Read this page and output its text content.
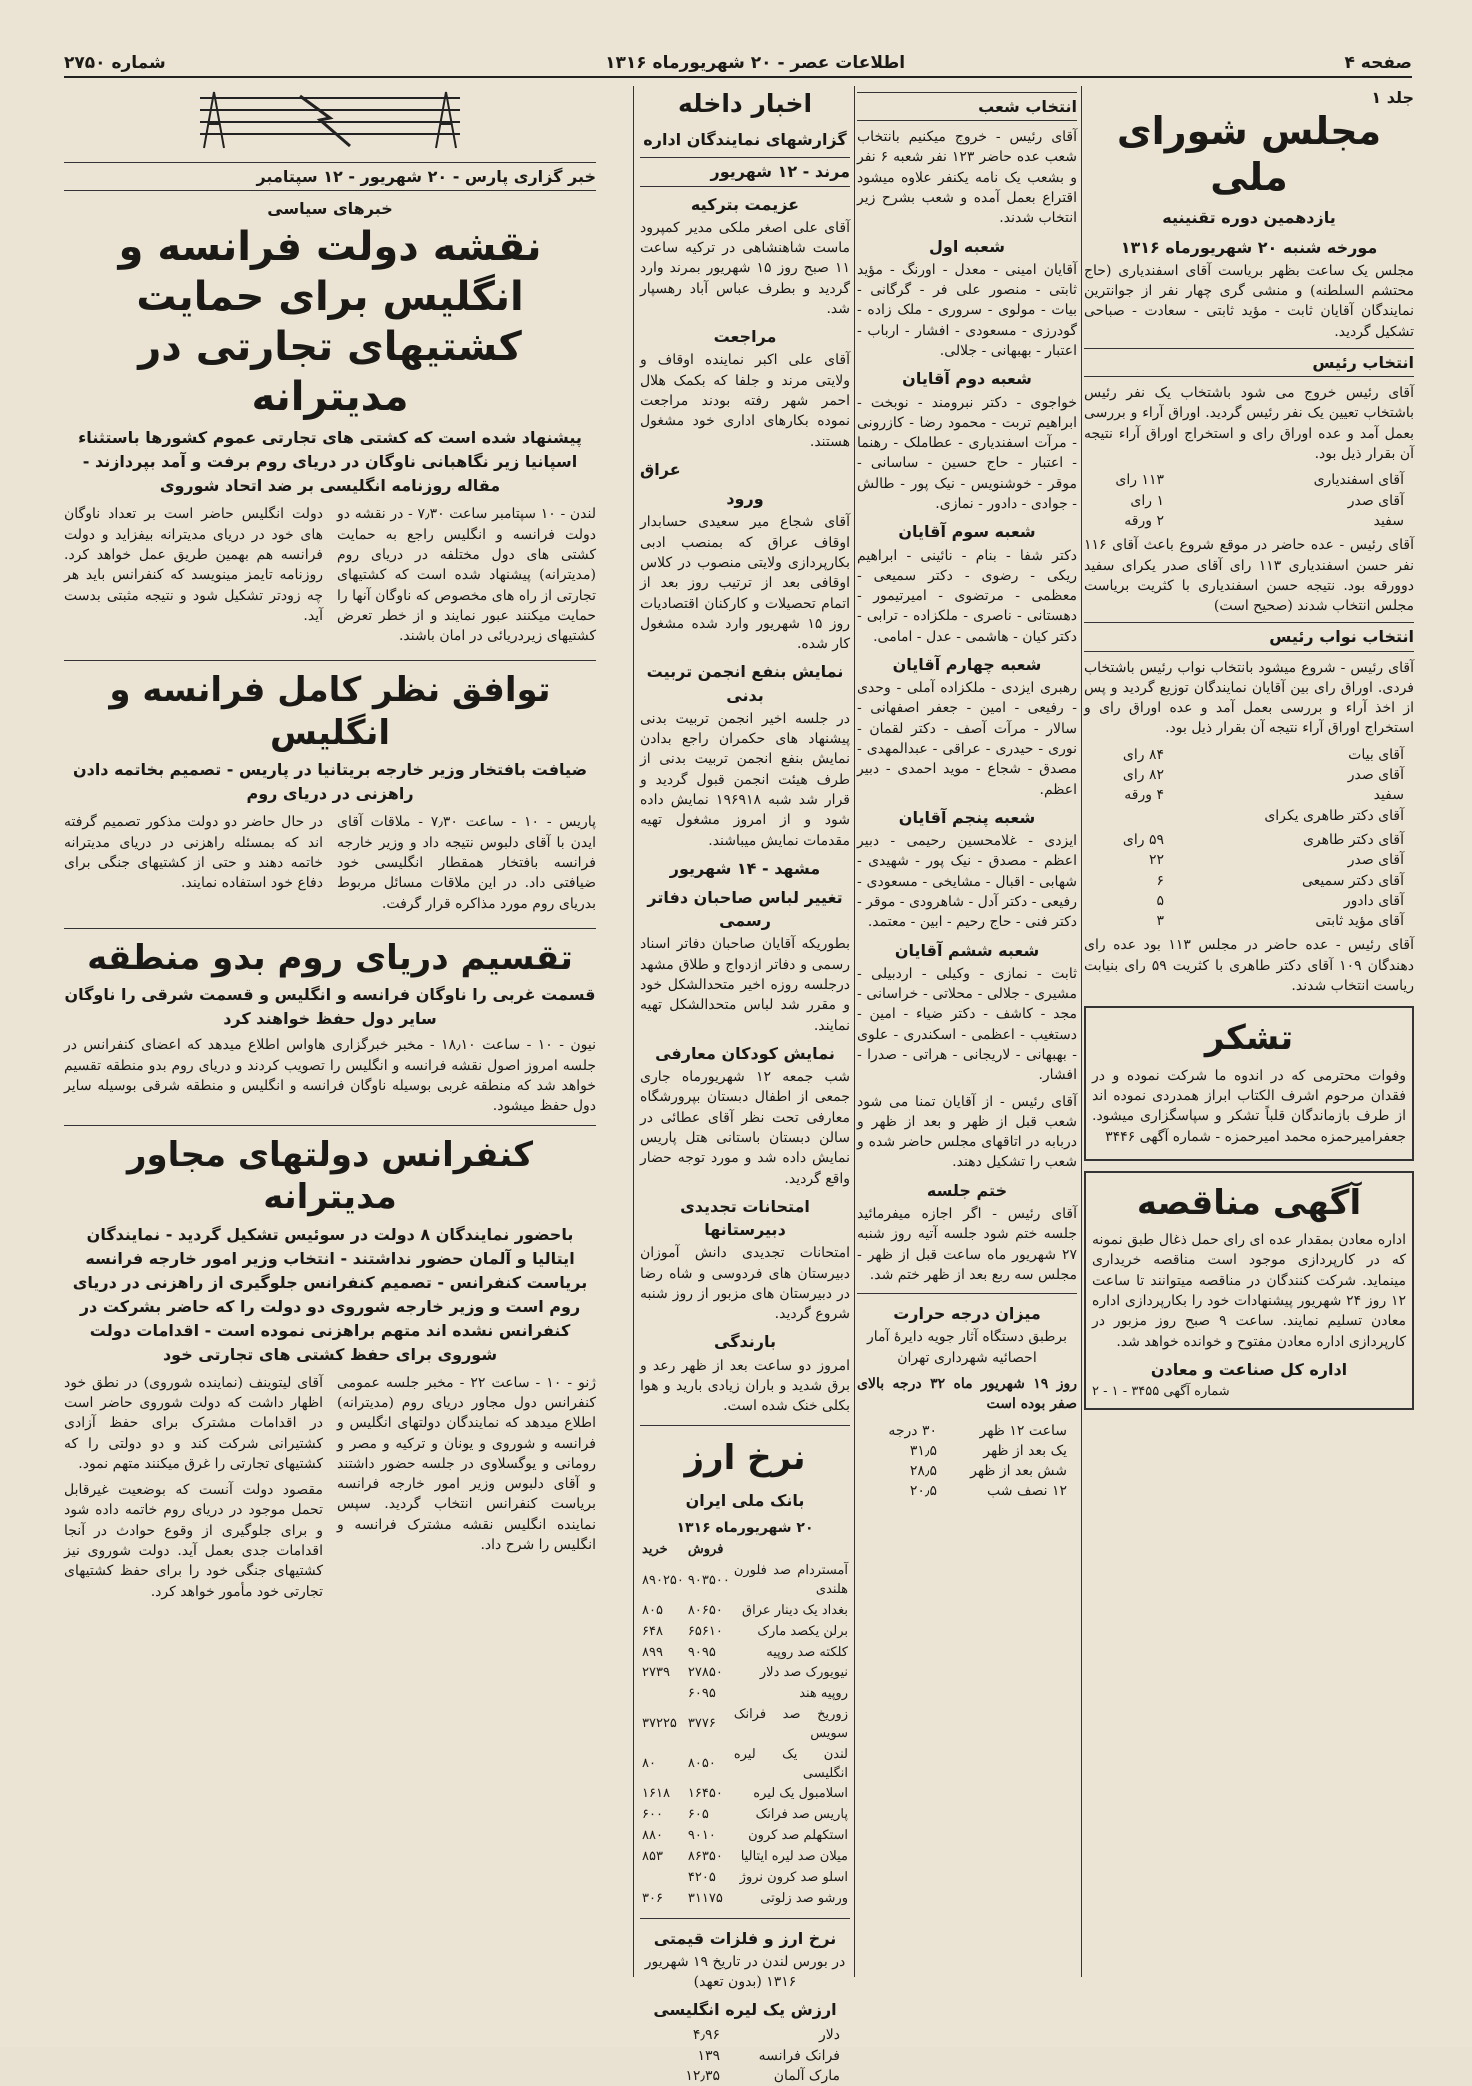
صفحه ۴
اطلاعات عصر - ۲۰ شهریورماه ۱۳۱۶
شماره ۲۷۵۰
جلد ۱
مجلس شورای ملی
یازدهمین دوره تقنینیه
مورخه شنبه ۲۰ شهریورماه ۱۳۱۶
مجلس یک ساعت بظهر برياست آقای اسفندیاری (حاج محتشم السلطنه) و منشی گری چهار نفر از جوانترین نمایندگان آقایان ثابت - مؤید ثابتی - سعادت - صباحی تشکیل گردید.
انتخاب رئیس
آقای رئیس خروج می شود باشتخاب یک نفر رئیس باشتخاب تعیین یک نفر رئیس گردید. اوراق آراء و بررسی بعمل آمد و عده اوراق رای و استخراج اوراق آراء نتیجه آن بقرار ذیل بود.
آقای اسفندیاری
۱۱۳ رای
آقای صدر
۱ رای
سفید
۲ ورقه
آقای رئیس - عده حاضر در موقع شروع باعث آقای ۱۱۶ نفر حسن اسفندیاری ۱۱۳ رای آقای صدر یکرای سفید دوورقه بود. نتیجه حسن اسفندیاری با کثریت برياست مجلس انتخاب شدند (صحیح است)
انتخاب نواب رئیس
آقای رئیس - شروع میشود بانتخاب نواب رئیس باشتخاب فردی. اوراق رای بین آقایان نمایندگان توزیع گردید و پس از اخذ آراء و بررسی بعمل آمد و عده اوراق رای و استخراج اوراق آراء نتیجه آن بقرار ذیل بود.
آقای بیات
۸۴ رای
آقای صدر
۸۲ رای
سفید
۴ ورقه
آقای دکتر طاهری یکرای
آقای دکتر طاهری
۵۹ رای
آقای صدر
۲۲
آقای دکتر سمیعی
۶
آقای دادور
۵
آقای مؤید ثابتی
۳
آقای رئیس - عده حاضر در مجلس ۱۱۳ بود عده رای دهندگان ۱۰۹ آقای دکتر طاهری با کثریت ۵۹ رای بنیابت ریاست انتخاب شدند.
تشکر
وفوات محترمی که در اندوه ما شرکت نموده و در فقدان مرحوم اشرف الکتاب ابراز همدردی نموده اند از طرف بازماندگان قلباً تشکر و سپاسگزاری میشود. جعفرامیرحمزه محمد امیرحمزه - شماره آگهی ۳۴۴۶
آگهی مناقصه
اداره معادن بمقدار عده ای رای حمل ذغال طبق نمونه که در کارپردازی موجود است مناقصه خریداری مینماید. شرکت کنندگان در مناقصه میتوانند تا ساعت ۱۲ روز ۲۴ شهریور پیشنهادات خود را بکارپردازی اداره معادن تسلیم نمایند. ساعت ۹ صبح روز مزبور در کارپردازی اداره معادن مفتوح و خوانده خواهد شد.
اداره کل صناعت و معادن
شماره آگهی ۳۴۵۵ - ۱ - ۲
انتخاب شعب
آقای رئیس - خروج میکنیم بانتخاب شعب عده حاضر ۱۲۳ نفر شعبه ۶ نفر و بشعب یک نامه یکنفر علاوه میشود اقتراع بعمل آمده و شعب بشرح زیر انتخاب شدند.
شعبه اول
آقایان امینی - معدل - اورنگ - مؤید ثابتی - منصور علی فر - گرگانی - بیات - مولوی - سروری - ملک زاده - گودرزی - مسعودی - افشار - ارباب - اعتبار - بهبهانی - جلالی.
شعبه دوم آقایان
خواجوی - دکتر نبرومند - نوبخت - ابراهیم تربت - محمود رضا - کازرونی - مرآت اسفندیاری - عطاملک - رهنما - اعتبار - حاج حسین - ساسانی - موقر - خوشنویس - نیک پور - طالش - جوادی - دادور - نمازی.
شعبه سوم آقایان
دکتر شفا - بنام - نائینی - ابراهیم ریکی - رضوی - دکتر سمیعی - معظمی - مرتضوی - امیرتیمور - دهستانی - ناصری - ملکزاده - ترابی - دکتر کیان - هاشمی - عدل - امامی.
شعبه چهارم آقایان
رهبری ایزدی - ملکزاده آملی - وحدی - رفیعی - امین - جعفر اصفهانی - سالار - مرآت آصف - دکتر لقمان - نوری - حیدری - عراقی - عبدالمهدی - مصدق - شجاع - موید احمدی - دبیر اعظم.
شعبه پنجم آقایان
ایزدی - غلامحسین رحیمی - دبیر اعظم - مصدق - نیک پور - شهیدی - شهابی - اقبال - مشایخی - مسعودی - رفیعی - دکتر آدل - شاهرودی - موقر - دکتر فنی - حاج رحیم - ابین - معتمد.
شعبه ششم آقایان
ثابت - نمازی - وکیلی - اردبیلی - مشیری - جلالی - محلاتی - خراسانی - مجد - کاشف - دکتر ضیاء - امین - دستغیب - اعظمی - اسکندری - علوی - بهبهانی - لاریجانی - هراتی - صدرا - افشار.
آقای رئیس - از آقایان تمنا می شود شعب قبل از ظهر و بعد از ظهر و دربابه در اتاقهای مجلس حاضر شده و شعب را تشکیل دهند.
ختم جلسه
آقای رئیس - اگر اجازه میفرمائید جلسه ختم شود جلسه آتیه روز شنبه ۲۷ شهریور ماه ساعت قبل از ظهر - مجلس سه ربع بعد از ظهر ختم شد.
میزان درجه حرارت
برطبق دستگاه آثار جویه دایرهٔ آمار احصائیه شهرداری تهران
روز ۱۹ شهریور ماه ۳۲ درجه بالای صفر بوده است
ساعت ۱۲ ظهر
۳۰ درجه
یک بعد از ظهر
۳۱٫۵
شش بعد از ظهر
۲۸٫۵
۱۲ نصف شب
۲۰٫۵
اخبار داخله
گزارشهای نمایندگان اداره
مرند - ۱۲ شهریور
عزیمت بترکیه
آقای علی اصغر ملکی مدیر کمپرود ماست شاهنشاهی در ترکیه ساعت ۱۱ صبح روز ۱۵ شهریور بمرند وارد گردید و بطرف عباس آباد رهسپار شد.
مراجعت
آقای علی اکبر نماینده اوقاف و ولایتی مرند و جلفا که بکمک هلال احمر شهر رفته بودند مراجعت نموده بکارهای اداری خود مشغول هستند.
عراق
ورود
آقای شجاع میر سعیدی حسابدار اوقاف عراق که بمنصب ادبی بکارپردازی ولایتی منصوب در کلاس اوقافی بعد از ترتیب روز بعد از اتمام تحصیلات و کارکنان اقتصادیات روز ۱۵ شهریور وارد شده مشغول کار شده.
نمایش بنفع انجمن تربیت بدنی
در جلسه اخیر انجمن تربیت بدنی پیشنهاد های حکمران راجع بدادن نمایش بنفع انجمن تربیت بدنی از طرف هیئت انجمن قبول گردید و قرار شد شبه ۱۹۶۹۱۸ نمایش داده شود و از امروز مشغول تهیه مقدمات نمایش میباشند.
مشهد - ۱۴ شهریور
تغییر لباس صاحبان دفاتر رسمی
بطوریکه آقایان صاحبان دفاتر اسناد رسمی و دفاتر ازدواج و طلاق مشهد درجلسه روزه اخیر متحدالشکل خود و مقرر شد لباس متحدالشکل تهیه نمایند.
نمایش کودکان معارفی
شب جمعه ۱۲ شهریورماه جاری جمعی از اطفال دبستان بپرورشگاه معارفی تحت نظر آقای عطائی در سالن دبستان باستانی هتل پاریس نمایش داده شد و مورد توجه حضار واقع گردید.
امتحانات تجدیدی دبیرستانها
امتحانات تجدیدی دانش آموزان دبیرستان های فردوسی و شاه رضا در دبیرستان های مزبور از روز شنبه شروع گردید.
بارندگی
امروز دو ساعت بعد از ظهر رعد و برق شدید و باران زیادی بارید و هوا بکلی خنک شده است.
نرخ ارز
بانک ملی ایران
۲۰ شهریورماه ۱۳۱۶
	فروش	خرید
آمستردام صد فلورن هلندی	۹۰۳۵۰۰	۸۹۰۲۵۰
بغداد یک دینار عراق	۸۰۶۵۰	۸۰۵
برلن یکصد مارک	۶۵۶۱۰	۶۴۸
کلکته صد روپیه	۹۰۹۵	۸۹۹
نیویورک صد دلار	۲۷۸۵۰	۲۷۳۹
روپیه هند	۶۰۹۵	
زوریخ صد فرانک سویس	۳۷۷۶	۳۷۲۲۵
لندن یک لیره انگلیسی	۸۰۵۰	۸۰
اسلامبول یک لیره	۱۶۴۵۰	۱۶۱۸
پاریس صد فرانک	۶۰۵	۶۰۰
استکهلم صد کرون	۹۰۱۰	۸۸۰
میلان صد لیره ایتالیا	۸۶۳۵۰	۸۵۳
اسلو صد کرون نروژ	۴۲۰۵	
ورشو صد زلوتی	۳۱۱۷۵	۳۰۶
نرخ ارز و فلزات قیمتی
در بورس لندن در تاریخ ۱۹ شهریور ۱۳۱۶ (بدون تعهد)
ارزش یک لیره انگلیسی
دلار
۴٫۹۶
فرانک فرانسه
۱۳۹
مارک آلمان
۱۲٫۳۵
خبر گزاری پارس - ۲۰ شهریور - ۱۲ سپتامبر
خبرهای سیاسی
نقشه دولت فرانسه و انگلیس برای حمایت کشتیهای تجارتی در مدیترانه
پیشنهاد شده است که کشتی های تجارتی عموم کشورها باستثناء اسپانیا زیر نگاهبانی ناوگان در دریای روم برفت و آمد بپردازند - مقاله روزنامه انگلیسی بر ضد اتحاد شوروی
لندن - ۱۰ سپتامبر ساعت ۷٫۳۰ - در نقشه دو دولت فرانسه و انگلیس راجع به حمایت کشتی های دول مختلفه در دریای روم (مدیترانه) پیشنهاد شده است که کشتیهای تجارتی از راه های مخصوص که ناوگان آنها را حمایت میکنند عبور نمایند و از خطر تعرض کشتیهای زیردریائی در امان باشند.
دولت انگلیس حاضر است بر تعداد ناوگان های خود در دریای مدیترانه بیفزاید و دولت فرانسه هم بهمین طریق عمل خواهد کرد. روزنامه تایمز مینویسد که کنفرانس باید هر چه زودتر تشکیل شود و نتیجه مثبتی بدست آید.
توافق نظر کامل فرانسه و انگلیس
ضیافت بافتخار وزیر خارجه بریتانیا در پاریس - تصمیم بخاتمه دادن راهزنی در دریای روم
پاریس - ۱۰ - ساعت ۷٫۳۰ - ملاقات آقای ایدن با آقای دلبوس نتیجه داد و وزیر خارجه فرانسه بافتخار همقطار انگلیسی خود ضیافتی داد. در این ملاقات مسائل مربوط بدریای روم مورد مذاکره قرار گرفت.
در حال حاضر دو دولت مذکور تصمیم گرفته اند که بمسئله راهزنی در دریای مدیترانه خاتمه دهند و حتی از کشتیهای جنگی برای دفاع خود استفاده نمایند.
تقسیم دریای روم بدو منطقه
قسمت غربی را ناوگان فرانسه و انگلیس و قسمت شرقی را ناوگان سایر دول حفظ خواهند کرد
نیون - ۱۰ - ساعت ۱۸٫۱۰ - مخبر خبرگزاری هاواس اطلاع میدهد که اعضای کنفرانس در جلسه امروز اصول نقشه فرانسه و انگلیس را تصویب کردند و دریای روم بدو منطقه تقسیم خواهد شد که منطقه غربی بوسیله ناوگان فرانسه و انگلیس و منطقه شرقی بوسیله سایر دول حفظ میشود.
کنفرانس دولتهای مجاور مدیترانه
باحضور نمایندگان ۸ دولت در سوئیس تشکیل گردید - نمایندگان ایتالیا و آلمان حضور نداشتند - انتخاب وزیر امور خارجه فرانسه بریاست کنفرانس - تصمیم کنفرانس جلوگیری از راهزنی در دریای روم است و وزیر خارجه شوروی دو دولت را که حاضر بشرکت در کنفرانس نشده اند متهم براهزنی نموده است - اقدامات دولت شوروی برای حفظ کشتی های تجارتی خود
ژنو - ۱۰ - ساعت ۲۲ - مخبر جلسه عمومی کنفرانس دول مجاور دریای روم (مدیترانه) اطلاع میدهد که نمایندگان دولتهای انگلیس و فرانسه و شوروی و یونان و ترکیه و مصر و رومانی و یوگسلاوی در جلسه حضور داشتند و آقای دلبوس وزیر امور خارجه فرانسه بریاست کنفرانس انتخاب گردید. سپس نماینده انگلیس نقشه مشترک فرانسه و انگلیس را شرح داد.
آقای لیتوینف (نماینده شوروی) در نطق خود اظهار داشت که دولت شوروی حاضر است در اقدامات مشترک برای حفظ آزادی کشتیرانی شرکت کند و دو دولتی را که کشتیهای تجارتی را غرق میکنند متهم نمود.
مقصود دولت آنست که بوضعیت غیرقابل تحمل موجود در دریای روم خاتمه داده شود و برای جلوگیری از وقوع حوادث در آنجا اقدامات جدی بعمل آید. دولت شوروی نیز کشتیهای جنگی خود را برای حفظ کشتیهای تجارتی خود مأمور خواهد کرد.
